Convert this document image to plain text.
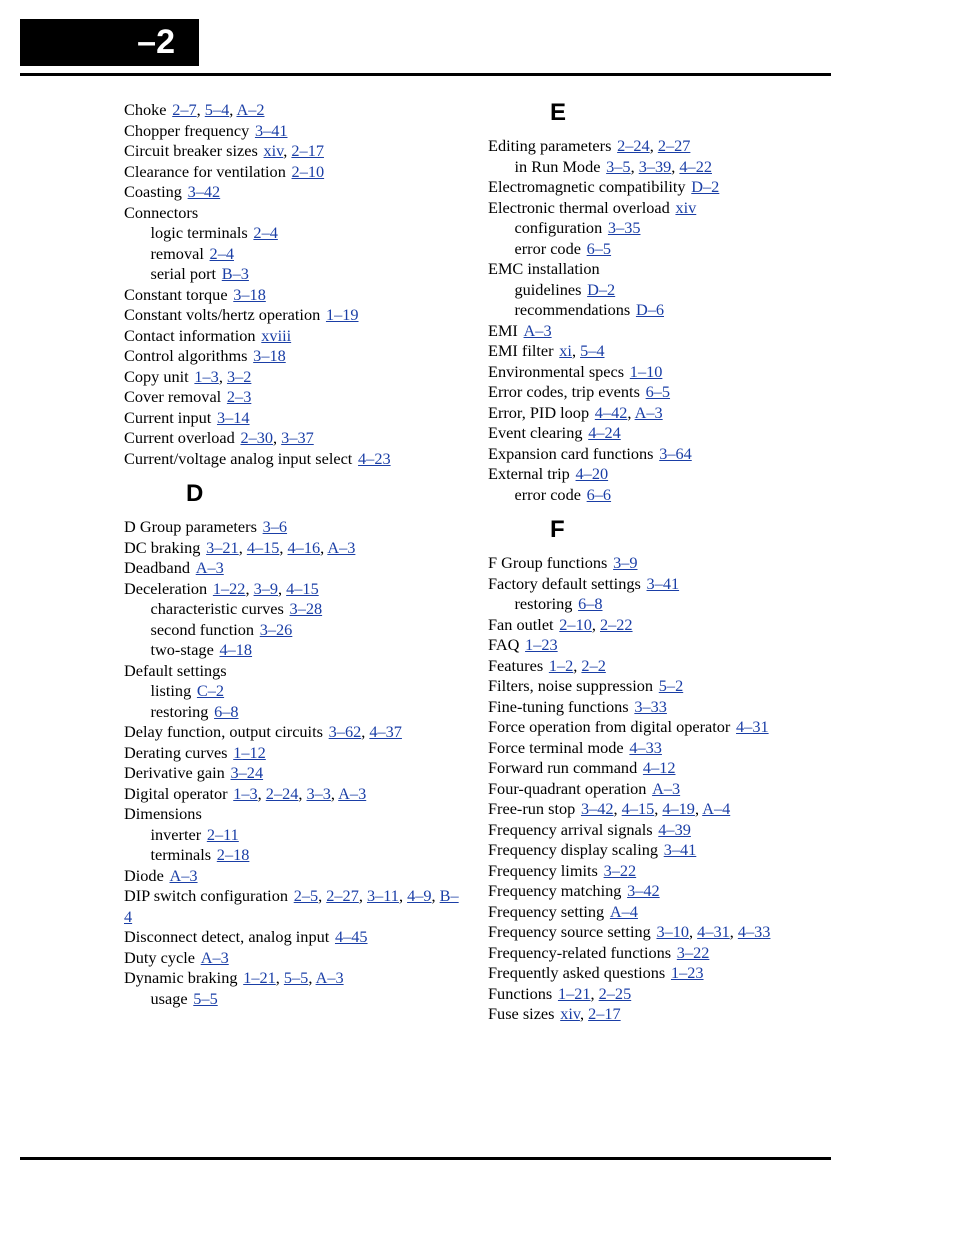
–2
Choke 2–7, 5–4, A–2
Chopper frequency 3–41
Circuit breaker sizes xiv, 2–17
Clearance for ventilation 2–10
Coasting 3–42
Connectors
logic terminals 2–4
removal 2–4
serial port B–3
Constant torque 3–18
Constant volts/hertz operation 1–19
Contact information xviii
Control algorithms 3–18
Copy unit 1–3, 3–2
Cover removal 2–3
Current input 3–14
Current overload 2–30, 3–37
Current/voltage analog input select 4–23
D
D Group parameters 3–6
DC braking 3–21, 4–15, 4–16, A–3
Deadband A–3
Deceleration 1–22, 3–9, 4–15
characteristic curves 3–28
second function 3–26
two-stage 4–18
Default settings
listing C–2
restoring 6–8
Delay function, output circuits 3–62, 4–37
Derating curves 1–12
Derivative gain 3–24
Digital operator 1–3, 2–24, 3–3, A–3
Dimensions
inverter 2–11
terminals 2–18
Diode A–3
DIP switch configuration 2–5, 2–27, 3–11, 4–9, B–4
Disconnect detect, analog input 4–45
Duty cycle A–3
Dynamic braking 1–21, 5–5, A–3
usage 5–5
E
Editing parameters 2–24, 2–27
in Run Mode 3–5, 3–39, 4–22
Electromagnetic compatibility D–2
Electronic thermal overload xiv
configuration 3–35
error code 6–5
EMC installation
guidelines D–2
recommendations D–6
EMI A–3
EMI filter xi, 5–4
Environmental specs 1–10
Error codes, trip events 6–5
Error, PID loop 4–42, A–3
Event clearing 4–24
Expansion card functions 3–64
External trip 4–20
error code 6–6
F
F Group functions 3–9
Factory default settings 3–41
restoring 6–8
Fan outlet 2–10, 2–22
FAQ 1–23
Features 1–2, 2–2
Filters, noise suppression 5–2
Fine-tuning functions 3–33
Force operation from digital operator 4–31
Force terminal mode 4–33
Forward run command 4–12
Four-quadrant operation A–3
Free-run stop 3–42, 4–15, 4–19, A–4
Frequency arrival signals 4–39
Frequency display scaling 3–41
Frequency limits 3–22
Frequency matching 3–42
Frequency setting A–4
Frequency source setting 3–10, 4–31, 4–33
Frequency-related functions 3–22
Frequently asked questions 1–23
Functions 1–21, 2–25
Fuse sizes xiv, 2–17
